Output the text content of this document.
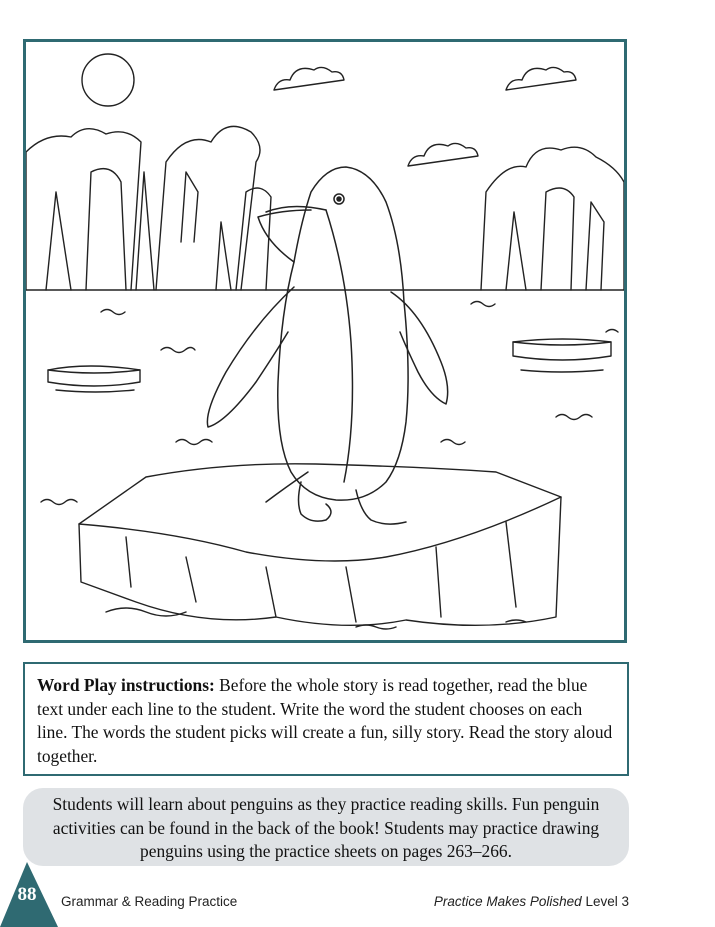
Word Play instructions: Before the whole story is read together, read the blue text under each line to the student. Write the word the student chooses on each line. The words the student picks will create a fun, silly story. Read the story aloud together.
Students will learn about penguins as they practice reading skills. Fun penguin activities can be found in the back of the book! Students may practice drawing penguins using the practice sheets on pages 263–266.
88	Grammar & Reading Practice	Practice Makes Polished Level 3
